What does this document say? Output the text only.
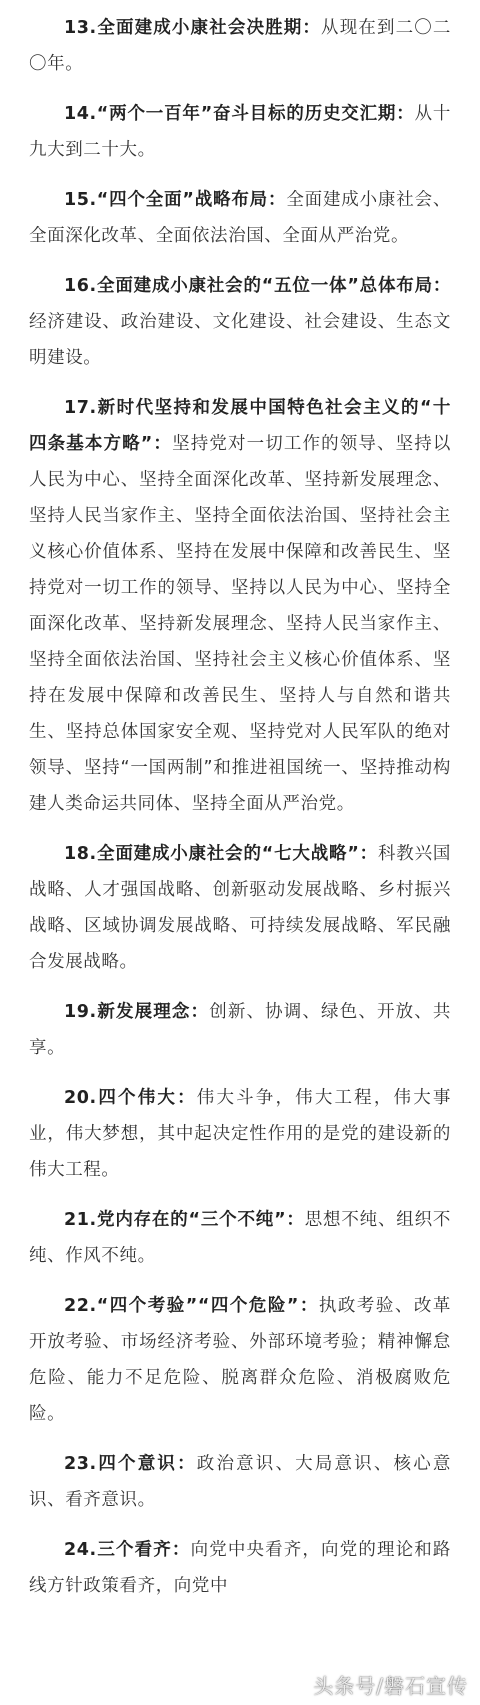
13.全面建成小康社会决胜期：从现在到二〇二〇年。

14.“两个一百年”奋斗目标的历史交汇期：从十九大到二十大。

15.“四个全面”战略布局：全面建成小康社会、全面深化改革、全面依法治国、全面从严治党。

16.全面建成小康社会的“五位一体”总体布局：经济建设、政治建设、文化建设、社会建设、生态文明建设。

17.新时代坚持和发展中国特色社会主义的“十四条基本方略”：坚持党对一切工作的领导、坚持以人民为中心、坚持全面深化改革、坚持新发展理念、坚持人民当家作主、坚持全面依法治国、坚持社会主义核心价值体系、坚持在发展中保障和改善民生、坚持党对一切工作的领导、坚持以人民为中心、坚持全面深化改革、坚持新发展理念、坚持人民当家作主、坚持全面依法治国、坚持社会主义核心价值体系、坚持在发展中保障和改善民生、坚持人与自然和谐共生、坚持总体国家安全观、坚持党对人民军队的绝对领导、坚持“一国两制”和推进祖国统一、坚持推动构建人类命运共同体、坚持全面从严治党。

18.全面建成小康社会的“七大战略”：科教兴国战略、人才强国战略、创新驱动发展战略、乡村振兴战略、区域协调发展战略、可持续发展战略、军民融合发展战略。

19.新发展理念：创新、协调、绿色、开放、共享。

20.四个伟大：伟大斗争，伟大工程，伟大事业，伟大梦想，其中起决定性作用的是党的建设新的伟大工程。

21.党内存在的“三个不纯”：思想不纯、组织不纯、作风不纯。

22.“四个考验”“四个危险”：执政考验、改革开放考验、市场经济考验、外部环境考验；精神懈怠危险、能力不足危险、脱离群众危险、消极腐败危险。

23.四个意识：政治意识、大局意识、核心意识、看齐意识。

24.三个看齐：向党中央看齐，向党的理论和路线方针政策看齐，向党中

头条号/磐石宣传
